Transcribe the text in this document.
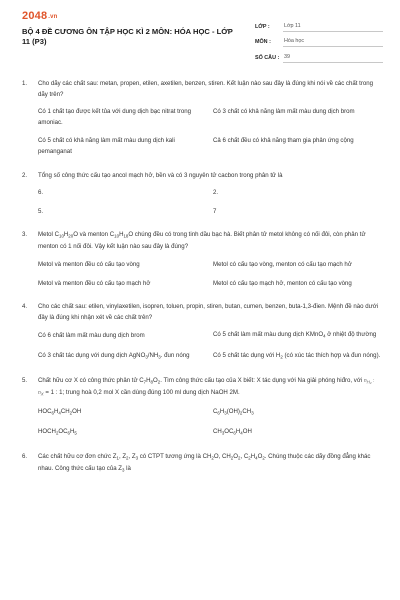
2048.vn
BỘ 4 ĐỀ CƯƠNG ÔN TẬP HỌC KÌ 2 MÔN: HÓA HỌC - LỚP 11 (P3)
LỚP :	Lớp 11
MÔN :	Hóa học
SỐ CÂU : 39
1.	Cho dãy các chất sau: metan, propen, etilen, axetilen, benzen, stiren. Kết luận nào sau đây là đúng khi nói về các chất trong dãy trên?
Có 1 chất tạo được kết tủa với dung dịch bạc nitrat trong amoniac.
Có 3 chất có khả năng làm mất màu dung dịch brom
Có 5 chất có khả năng làm mất màu dung dịch kali pemanganat
Cả 6 chất đều có khả năng tham gia phản ứng cộng
2.	Tổng số công thức cấu tạo ancol mạch hở, bền và có 3 nguyên tử cacbon trong phân tử là
6.	2.
5.	7
3.	Metol $C_{10}H_{20}O$ và menton $C_{10}H_{18}O$ chúng đều có trong tinh dầu bạc hà. Biết phân tử metol không có nối đôi, còn phân tử menton có 1 nối đôi. Vậy kết luận nào sau đây là đúng?
Metol và menton đều có cấu tạo vòng	Metol có cấu tạo vòng, menton có cấu tạo mạch hở
Metol và menton đều có cấu tạo mạch hở	Metol có cấu tạo mạch hở, menton có cấu tạo vòng
4.	Cho các chất sau: etilen, vinylaxetilen, isopren, toluen, propin, stiren, butan, cumen, benzen, buta-1,3-đien. Mệnh đề nào dưới đây là đúng khi nhận xét về các chất trên?
Có 6 chất làm mất màu dung dịch brom	Có 5 chất làm mất màu dung dịch KMnO$_4$ ở nhiệt độ thường
Có 3 chất tác dụng với dung dịch $AgNO_3/NH_3$. đun nóng	Có 5 chất tác dụng với $H_2$ (có xúc tác thích hợp và đun nóng).
5.	Chất hữu cơ X có công thức phân tử $C_7H_8O_2$. Tìm công thức cấu tạo của X biết: X tác dụng với Na giải phóng hiđro, với nH₂ : nX = 1 : 1; trung hoà 0,2 mol X cần dùng đúng 100 ml dung dịch NaOH 2M.
$HOC_6H_4CH_2OH$	$C_6H_3(OH)_2CH_3$
$HOCH_2OC_6H_5$	$CH_3OC_6H_4OH$
6.	Các chất hữu cơ đơn chức $Z_1$, $Z_2$, $Z_3$ có CTPT tương ứng là $CH_2O$, $CH_2O_2$, $C_2H_4O_2$. Chúng thuộc các dãy đồng đẳng khác nhau. Công thức cấu tạo của $Z_3$ là
